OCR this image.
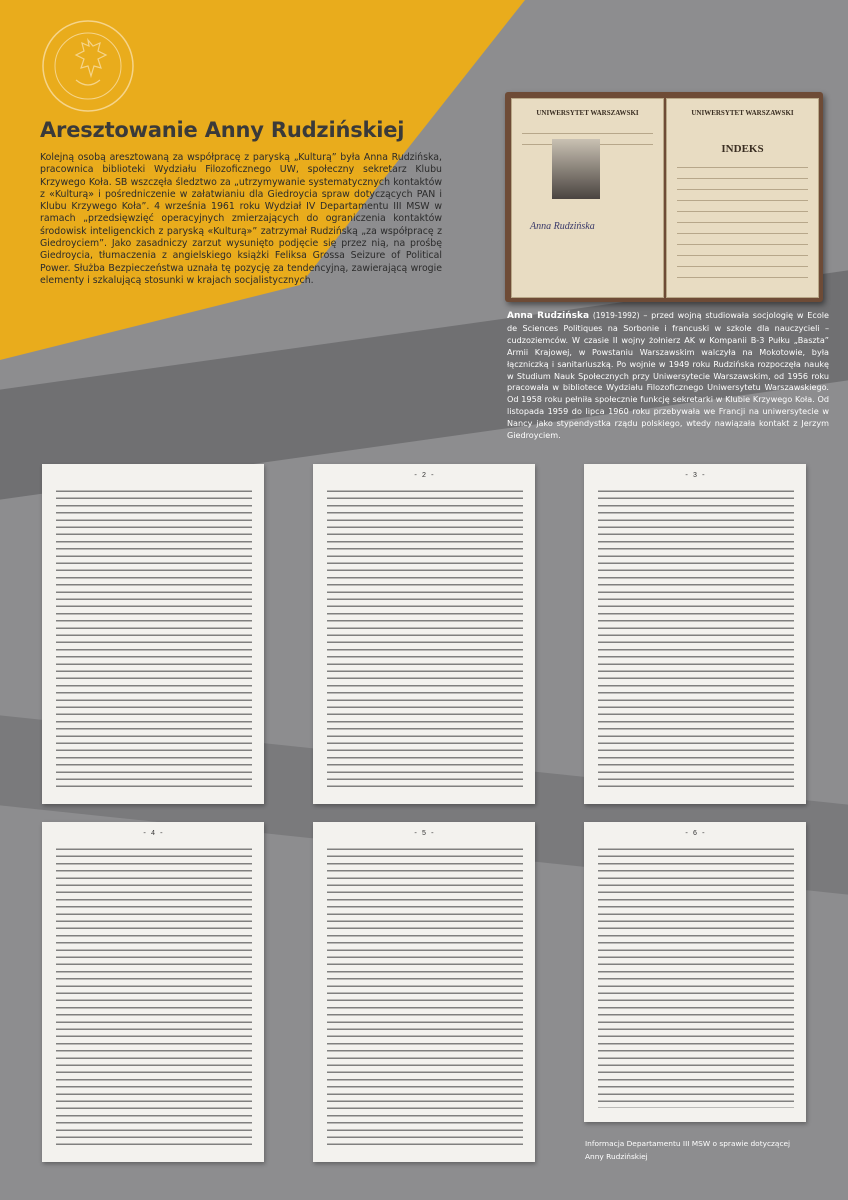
Aresztowanie Anny Rudzińskiej

Kolejną osobą aresztowaną za współpracę z paryską „Kulturą” była Anna Rudzińska, pracownica biblioteki Wydziału Filozoficznego UW, społeczny sekretarz Klubu Krzywego Koła. SB wszczęła śledztwo za „utrzymywanie systematycznych kontaktów z «Kulturą» i pośredniczenie w załatwianiu dla Giedroycia spraw dotyczących PAN i Klubu Krzywego Koła”. 4 września 1961 roku Wydział IV Departamentu III MSW w ramach „przedsięwzięć operacyjnych zmierzających do ograniczenia kontaktów środowisk inteligenckich z paryską «Kulturą»” zatrzymał Rudzińską „za współpracę z Giedroyciem”. Jako zasadniczy zarzut wysunięto podjęcie się przez nią, na prośbę Giedroycia, tłumaczenia z angielskiego książki Feliksa Grossa Seizure of Political Power. Służba Bezpieczeństwa uznała tę pozycję za tendencyjną, zawierającą wrogie elementy i szkalującą stosunki w krajach socjalistycznych.

UNIWERSYTET WARSZAWSKI
Anna Rudzińska
UNIWERSYTET WARSZAWSKI
INDEKS

Anna Rudzińska (1919-1992) – przed wojną studiowała socjologię w Ecole de Sciences Politiques na Sorbonie i francuski w szkole dla nauczycieli – cudzoziemców. W czasie II wojny żołnierz AK w Kompanii B-3 Pułku „Baszta” Armii Krajowej, w Powstaniu Warszawskim walczyła na Mokotowie, była łączniczką i sanitariuszką. Po wojnie w 1949 roku Rudzińska rozpoczęła naukę w Studium Nauk Społecznych przy Uniwersytecie Warszawskim, od 1956 roku pracowała w bibliotece Wydziału Filozoficznego Uniwersytetu Warszawskiego. Od 1958 roku pełniła społecznie funkcję sekretarki w Klubie Krzywego Koła. Od listopada 1959 do lipca 1960 roku przebywała we Francji na uniwersytecie w Nancy jako stypendystka rządu polskiego, wtedy nawiązała kontakt z Jerzym Giedroyciem.

- 2 -	- 3 -
- 4 -	- 5 -	- 6 -

Informacja Departamentu III MSW o sprawie dotyczącej
Anny Rudzińskiej
